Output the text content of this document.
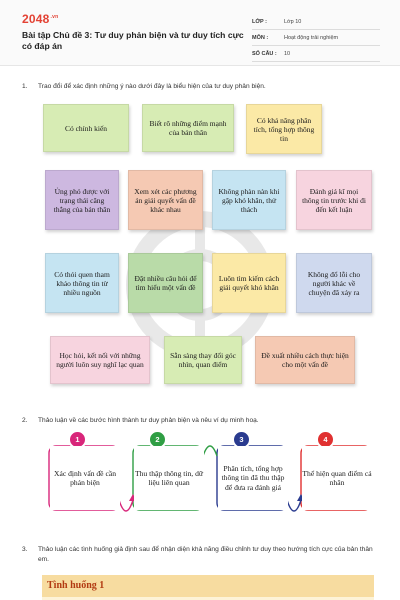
$2048^{.vn}$
Bài tập Chủ đề 3: Tư duy phản biện và tư duy tích cực có đáp án
LỚP :	Lớp 10
MÔN :	Hoạt động trải nghiệm
SỐ CÂU : 10
1. Trao đổi để xác định những ý nào dưới đây là biểu hiện của tư duy phản biện.
Có chính kiến	Biết rõ những điểm mạnh của bản thân
Có khả năng phân tích, tổng hợp thông tin
Ủng phó được với trạng thái căng thẳng của bản thân
Xem xét các phương án giải quyết vấn đề khác nhau
Không phàn nàn khi gặp khó khăn, thử thách
Đánh giá kĩ mọi thông tin trước khi đi đến kết luận
Có thói quen tham khảo thông tin từ nhiều nguồn
Đặt nhiều câu hỏi để tìm hiểu một vấn đề
Luôn tìm kiếm cách giải quyết khó khăn
Không đổ lỗi cho người khác về chuyện đã xảy ra
Học hỏi, kết nối với những người luôn suy nghĩ lạc quan
Sẵn sàng thay đổi góc nhìn, quan điểm
Đề xuất nhiều cách thực hiện cho một vấn đề
2. Thảo luận về các bước hình thành tư duy phản biện và nêu ví dụ minh hoạ.
1	2	3	4
Xác định vấn đề cần phản biện
Thu thập thông tin, dữ liệu liên quan
Phân tích, tổng hợp thông tin đã thu thập để đưa ra đánh giá
Thể hiện quan điểm cá nhân
3. Thảo luận các tình huống giả định sau để nhận diện khả năng điều chỉnh tư duy theo hướng tích cực của bản thân em.
Tình huống 1
